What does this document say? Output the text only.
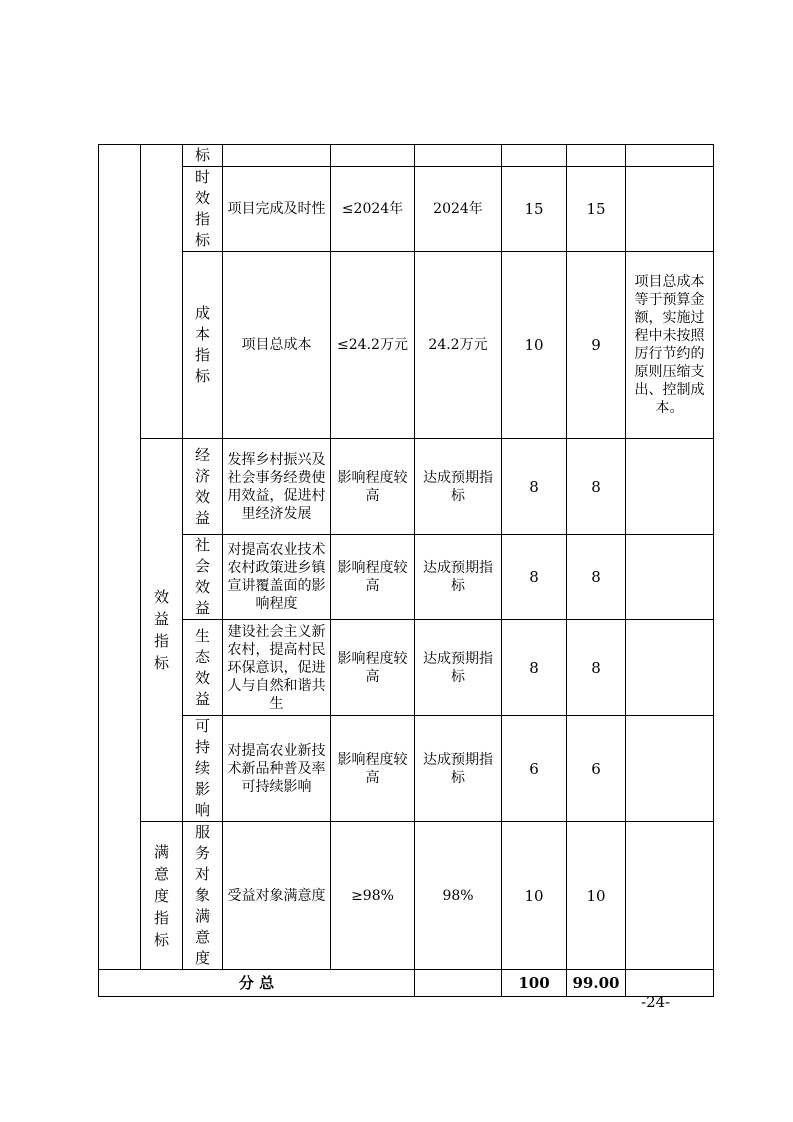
		标						

		时效指标	项目完成及时性	≤2024年	2024年	15	15	

		成本指标	项目总成本	≤24.2万元	24.2万元	10	9	项目总成本等于预算金额，实施过程中未按照厉行节约的原则压缩支出、控制成本。

	效益指标	经济效益	发挥乡村振兴及社会事务经费使用效益，促进村里经济发展	影响程度较高	达成预期指标	8	8	

		社会效益	对提高农业技术农村政策进乡镇宣讲覆盖面的影响程度	影响程度较高	达成预期指标	8	8	

		生态效益	建设社会主义新农村，提高村民环保意识，促进人与自然和谐共生	影响程度较高	达成预期指标	8	8	

		可持续影响	对提高农业新技术新品种普及率可持续影响	影响程度较高	达成预期指标	6	6	

	满意度指标	服务对象满意度	受益对象满意度	≥98%	98%	10	10	
分 总						100	99.00	
-24-
